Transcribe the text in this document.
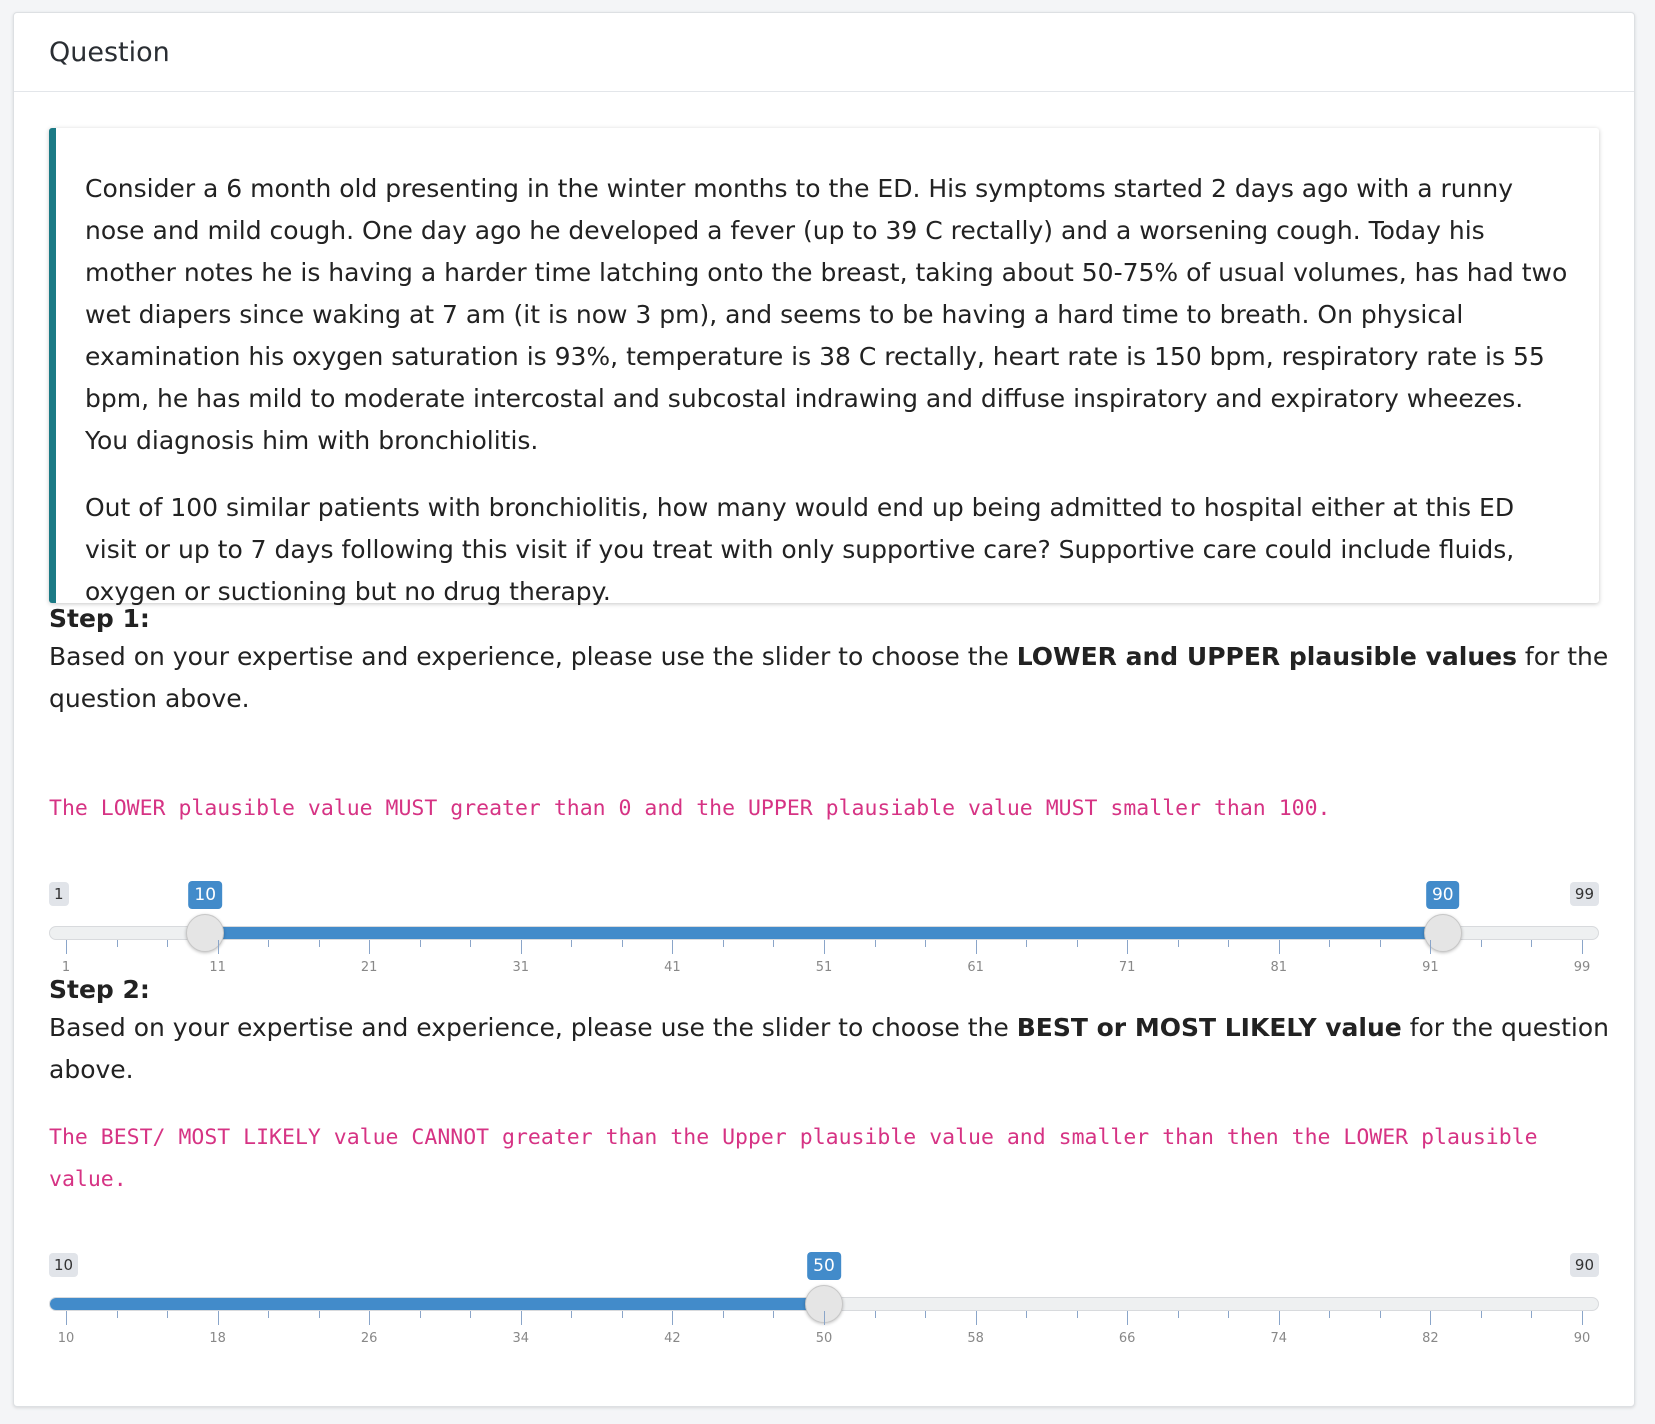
Question

Consider a 6 month old presenting in the winter months to the ED. His symptoms started 2 days ago with a runny nose and mild cough. One day ago he developed a fever (up to 39 C rectally) and a worsening cough. Today his mother notes he is having a harder time latching onto the breast, taking about 50-75% of usual volumes, has had two wet diapers since waking at 7 am (it is now 3 pm), and seems to be having a hard time to breath. On physical examination his oxygen saturation is 93%, temperature is 38 C rectally, heart rate is 150 bpm, respiratory rate is 55 bpm, he has mild to moderate intercostal and subcostal indrawing and diffuse inspiratory and expiratory wheezes. You diagnosis him with bronchiolitis.

Out of 100 similar patients with bronchiolitis, how many would end up being admitted to hospital either at this ED visit or up to 7 days following this visit if you treat with only supportive care? Supportive care could include fluids, oxygen or suctioning but no drug therapy.

Step 1:

Based on your expertise and experience, please use the slider to choose the LOWER and UPPER plausible values for the question above.

The LOWER plausible value MUST greater than 0 and the UPPER plausiable value MUST smaller than 100.

1	99
10	90
1	11	21	31	41	51	61	71	81	91	99
Step 2:

Based on your expertise and experience, please use the slider to choose the BEST or MOST LIKELY value for the question above.

The BEST/ MOST LIKELY value CANNOT greater than the Upper plausible value and smaller than then the LOWER plausible value.

10	90
50
10	18	26	34	42	50	58	66	74	82	90
